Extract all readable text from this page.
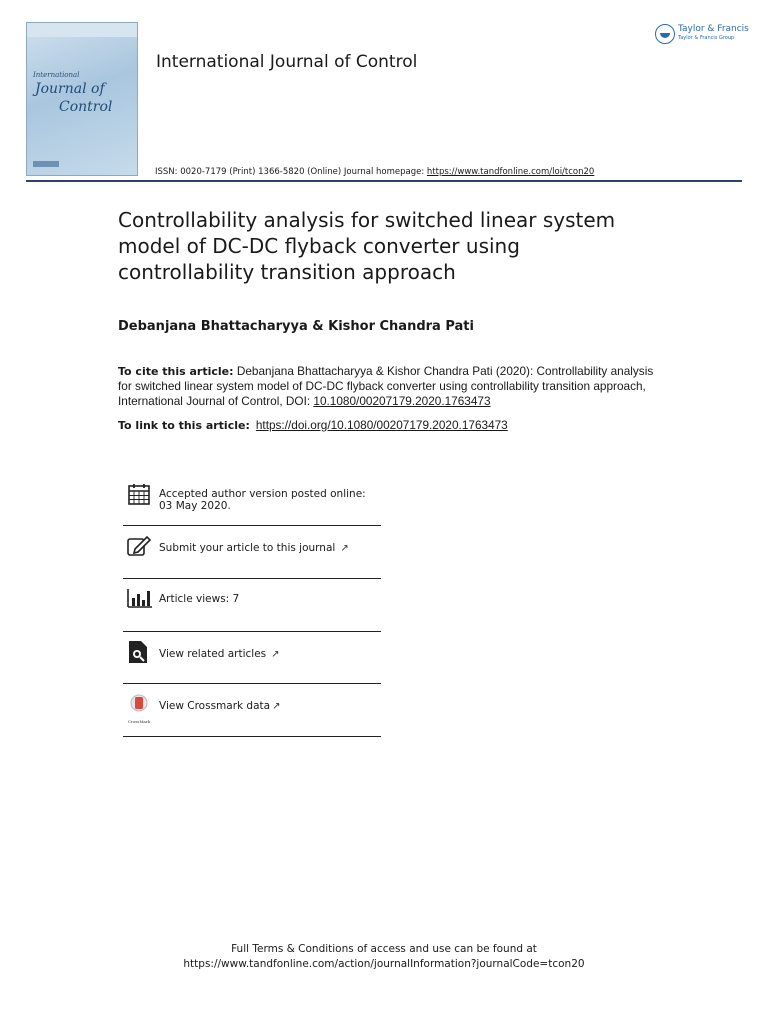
International
Journal of
Control
International Journal of Control
Taylor & Francis
Taylor & Francis Group
ISSN: 0020-7179 (Print) 1366-5820 (Online) Journal homepage: https://www.tandfonline.com/loi/tcon20
Controllability analysis for switched linear system model of DC-DC flyback converter using controllability transition approach
Debanjana Bhattacharyya & Kishor Chandra Pati
To cite this article: Debanjana Bhattacharyya & Kishor Chandra Pati (2020): Controllability analysis for switched linear system model of DC-DC flyback converter using controllability transition approach, International Journal of Control, DOI: 10.1080/00207179.2020.1763473
To link to this article: https://doi.org/10.1080/00207179.2020.1763473
Accepted author version posted online: 03 May 2020.
Submit your article to this journal ↗
Article views: 7
View related articles ↗
CrossMark
View Crossmark data ↗
Full Terms & Conditions of access and use can be found at
https://www.tandfonline.com/action/journalInformation?journalCode=tcon20
